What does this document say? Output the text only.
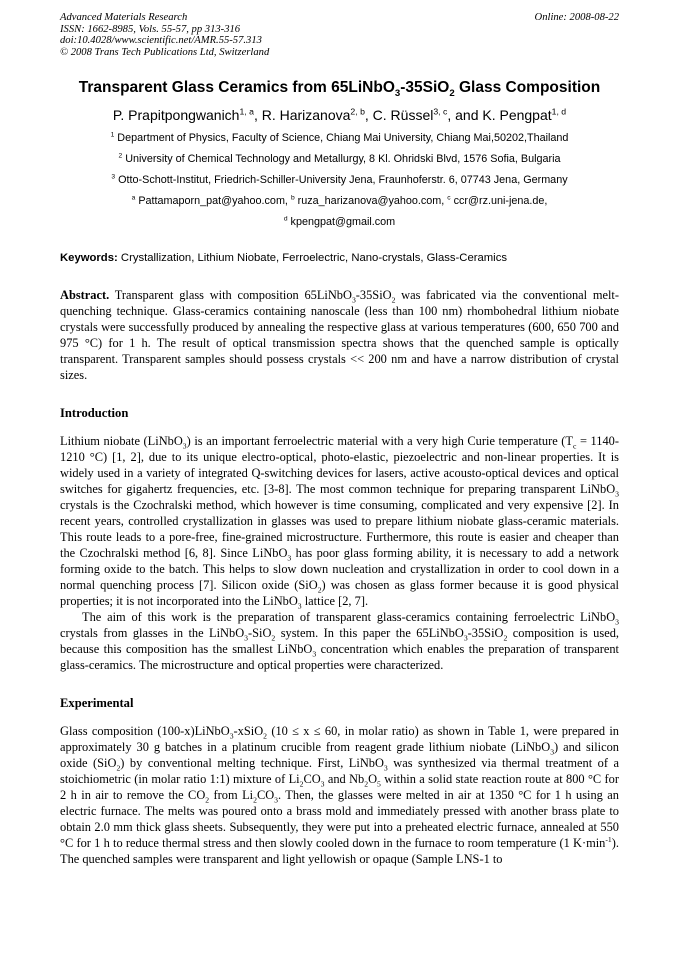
Advanced Materials Research
ISSN: 1662-8985, Vols. 55-57, pp 313-316
doi:10.4028/www.scientific.net/AMR.55-57.313
© 2008 Trans Tech Publications Ltd, Switzerland
Online: 2008-08-22
Transparent Glass Ceramics from 65LiNbO$_3$-35SiO$_2$ Glass Composition

P. Prapitpongwanich$^{1, a}$, R. Harizanova$^{2, b}$, C. Rüssel$^{3, c}$, and K. Pengpat$^{1, d}$

$^1$ Department of Physics, Faculty of Science, Chiang Mai University, Chiang Mai,50202,Thailand

$^2$ University of Chemical Technology and Metallurgy, 8 Kl. Ohridski Blvd, 1576 Sofia, Bulgaria

$^3$ Otto-Schott-Institut, Friedrich-Schiller-University Jena, Fraunhoferstr. 6, 07743 Jena, Germany

$^a$ Pattamaporn_pat@yahoo.com, $^b$ ruza_harizanova@yahoo.com, $^c$ ccr@rz.uni-jena.de,

$^d$ kpengpat@gmail.com

Keywords: Crystallization, Lithium Niobate, Ferroelectric, Nano-crystals, Glass-Ceramics

Abstract. Transparent glass with composition 65LiNbO$_3$-35SiO$_2$ was fabricated via the conventional melt-quenching technique. Glass-ceramics containing nanoscale (less than 100 nm) rhombohedral lithium niobate crystals were successfully produced by annealing the respective glass at various temperatures (600, 650 700 and 975 °C) for 1 h. The result of optical transmission spectra shows that the quenched sample is optically transparent. Transparent samples should possess crystals << 200 nm and have a narrow distribution of crystal sizes.

Introduction

Lithium niobate (LiNbO$_3$) is an important ferroelectric material with a very high Curie temperature ($T_c = 1140-1210$ °C) [1, 2], due to its unique electro-optical, photo-elastic, piezoelectric and non-linear properties. It is widely used in a variety of integrated Q-switching devices for lasers, active acousto-optical devices and optical switches for gigahertz frequencies, etc. [3-8]. The most common technique for preparing transparent LiNbO$_3$ crystals is the Czochralski method, which however is time consuming, complicated and very expensive [2]. In recent years, controlled crystallization in glasses was used to prepare lithium niobate glass-ceramic materials. This route leads to a pore-free, fine-grained microstructure. Furthermore, this route is easier and cheaper than the Czochralski method [6, 8]. Since LiNbO$_3$ has poor glass forming ability, it is necessary to add a network forming oxide to the batch. This helps to slow down nucleation and crystallization in order to cool down in a normal quenching process [7]. Silicon oxide (SiO$_2$) was chosen as glass former because it is good physical properties; it is not incorporated into the LiNbO$_3$ lattice [2, 7].

The aim of this work is the preparation of transparent glass-ceramics containing ferroelectric LiNbO$_3$ crystals from glasses in the LiNbO$_3$-SiO$_2$ system. In this paper the 65LiNbO$_3$-35SiO$_2$ composition is used, because this composition has the smallest LiNbO$_3$ concentration which enables the preparation of transparent glass-ceramics. The microstructure and optical properties were characterized.

Experimental

Glass composition (100-x)LiNbO$_3$-xSiO$_2$ (10 ≤ x ≤ 60, in molar ratio) as shown in Table 1, were prepared in approximately 30 g batches in a platinum crucible from reagent grade lithium niobate (LiNbO$_3$) and silicon oxide (SiO$_2$) by conventional melting technique. First, LiNbO$_3$ was synthesized via thermal treatment of a stoichiometric (in molar ratio 1:1) mixture of $Li_2CO_3$ and $Nb_2O_5$ within a solid state reaction route at 800 °C for 2 h in air to remove the $CO_2$ from $Li_2CO_3$. Then, the glasses were melted in air at 1350 °C for 1 h using an electric furnace. The melts was poured onto a brass mold and immediately pressed with another brass plate to obtain 2.0 mm thick glass sheets. Subsequently, they were put into a preheated electric furnace, annealed at 550 °C for 1 h to reduce thermal stress and then slowly cooled down in the furnace to room temperature (1 $K\cdot\min^{-1}$). The quenched samples were transparent and light yellowish or opaque (Sample LNS-1 to
